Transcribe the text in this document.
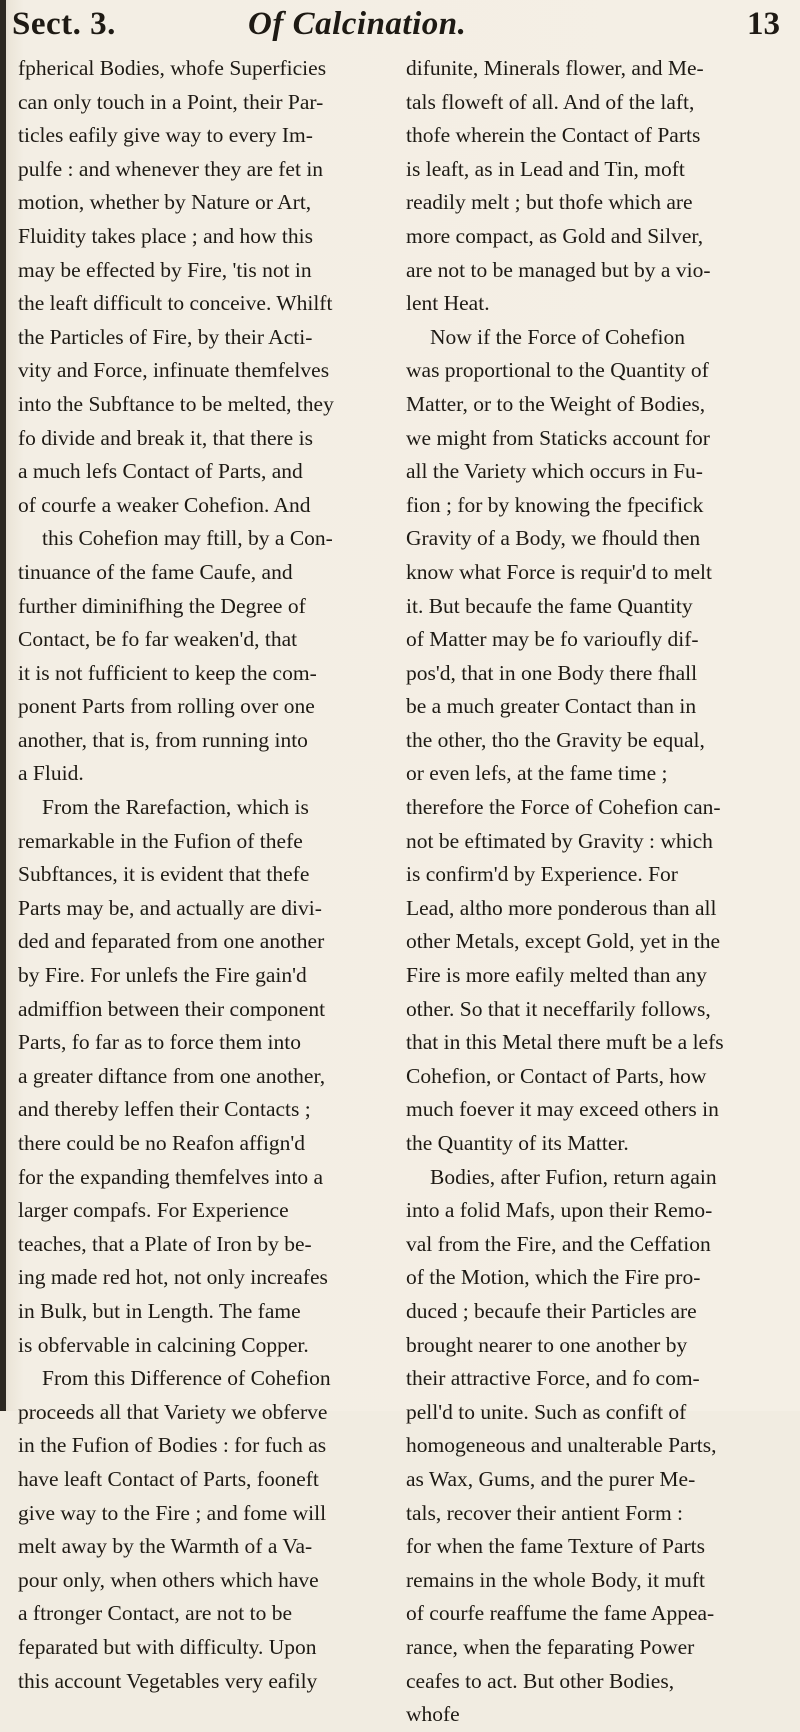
Sect. 3.	Of Calcination.	13
fpherical Bodies, whofe Superficies
can only touch in a Point, their Par-
ticles eafily give way to every Im-
pulfe : and whenever they are fet in
motion, whether by Nature or Art,
Fluidity takes place ; and how this
may be effected by Fire, 'tis not in
the leaft difficult to conceive. Whilft
the Particles of Fire, by their Acti-
vity and Force, infinuate themfelves
into the Subftance to be melted, they
fo divide and break it, that there is
a much lefs Contact of Parts, and
of courfe a weaker Cohefion. And
this Cohefion may ftill, by a Con-
tinuance of the fame Caufe, and
further diminifhing the Degree of
Contact, be fo far weaken'd, that
it is not fufficient to keep the com-
ponent Parts from rolling over one
another, that is, from running into
a Fluid.
From the Rarefaction, which is
remarkable in the Fufion of thefe
Subftances, it is evident that thefe
Parts may be, and actually are divi-
ded and feparated from one another
by Fire. For unlefs the Fire gain'd
admiffion between their component
Parts, fo far as to force them into
a greater diftance from one another,
and thereby leffen their Contacts ;
there could be no Reafon affign'd
for the expanding themfelves into a
larger compafs. For Experience
teaches, that a Plate of Iron by be-
ing made red hot, not only increafes
in Bulk, but in Length. The fame
is obfervable in calcining Copper.
From this Difference of Cohefion
proceeds all that Variety we obferve
in the Fufion of Bodies : for fuch as
have leaft Contact of Parts, fooneft
give way to the Fire ; and fome will
melt away by the Warmth of a Va-
pour only, when others which have
a ftronger Contact, are not to be
feparated but with difficulty. Upon
this account Vegetables very eafily
difunite, Minerals flower, and Me-
tals floweft of all. And of the laft,
thofe wherein the Contact of Parts
is leaft, as in Lead and Tin, moft
readily melt ; but thofe which are
more compact, as Gold and Silver,
are not to be managed but by a vio-
lent Heat.
Now if the Force of Cohefion
was proportional to the Quantity of
Matter, or to the Weight of Bodies,
we might from Staticks account for
all the Variety which occurs in Fu-
fion ; for by knowing the fpecifick
Gravity of a Body, we fhould then
know what Force is requir'd to melt
it. But becaufe the fame Quantity
of Matter may be fo varioufly dif-
pos'd, that in one Body there fhall
be a much greater Contact than in
the other, tho the Gravity be equal,
or even lefs, at the fame time ;
therefore the Force of Cohefion can-
not be eftimated by Gravity : which
is confirm'd by Experience. For
Lead, altho more ponderous than all
other Metals, except Gold, yet in the
Fire is more eafily melted than any
other. So that it neceffarily follows,
that in this Metal there muft be a lefs
Cohefion, or Contact of Parts, how
much foever it may exceed others in
the Quantity of its Matter.
Bodies, after Fufion, return again
into a folid Mafs, upon their Remo-
val from the Fire, and the Ceffation
of the Motion, which the Fire pro-
duced ; becaufe their Particles are
brought nearer to one another by
their attractive Force, and fo com-
pell'd to unite. Such as confift of
homogeneous and unalterable Parts,
as Wax, Gums, and the purer Me-
tals, recover their antient Form :
for when the fame Texture of Parts
remains in the whole Body, it muft
of courfe reaffume the fame Appea-
rance, when the feparating Power
ceafes to act. But other Bodies,
whofe
